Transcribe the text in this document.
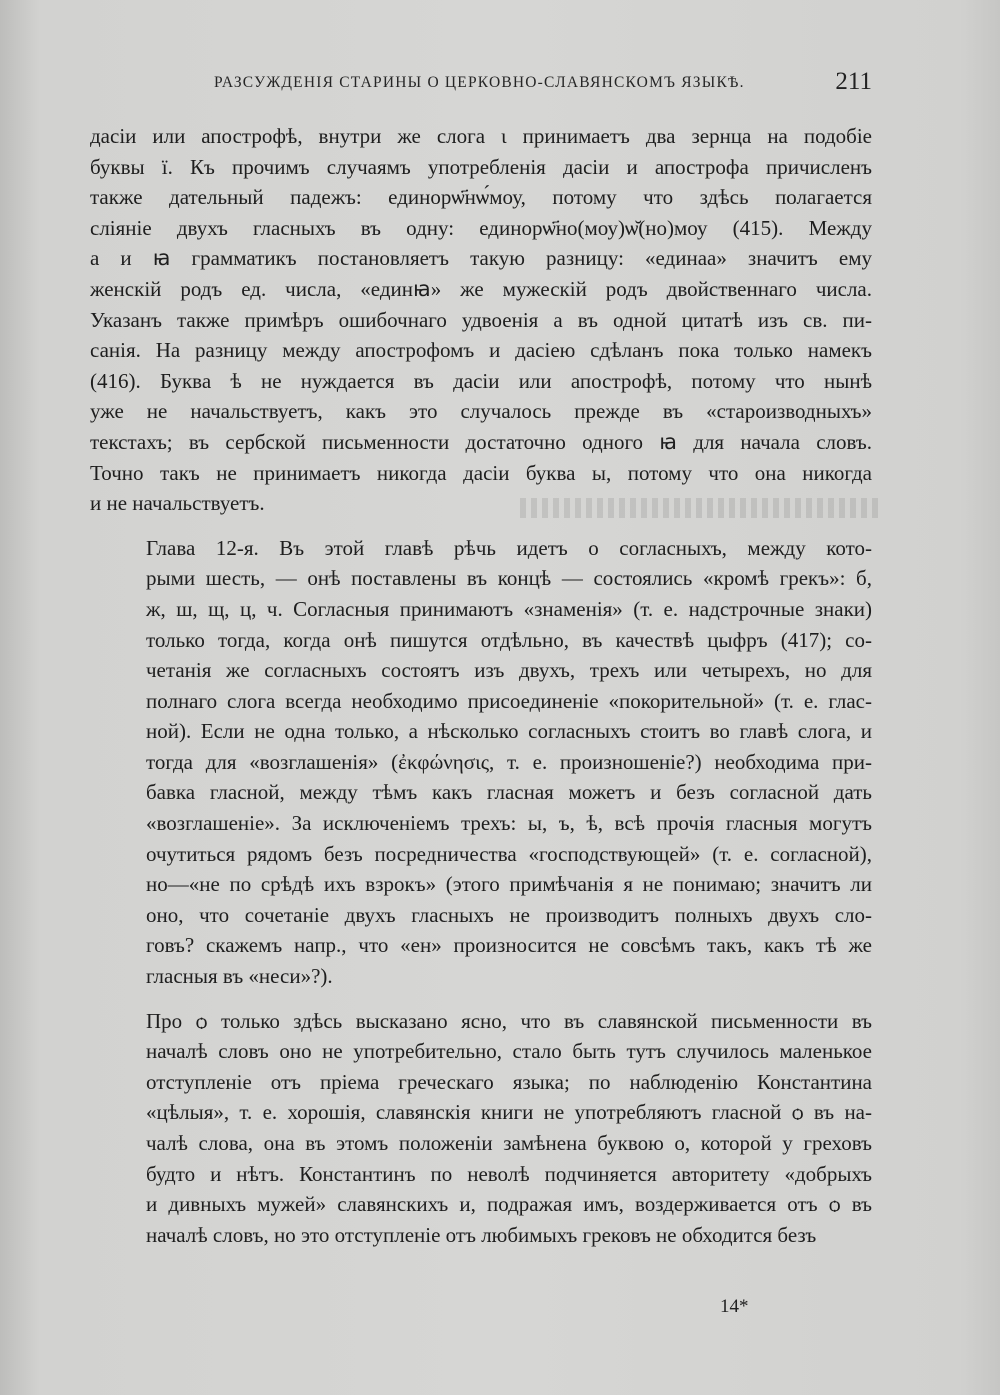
РАЗСУЖДЕНІЯ СТАРИНЫ О ЦЕРКОВНО-СЛАВЯНСКОМЪ ЯЗЫКѢ.	211

дасіи или апострофѣ, внутри же слога ι принимаетъ два зернца на подобіе
буквы ї. Къ прочимъ случаямъ употребленія дасіи и апострофа причисленъ
также дательный падежъ: единорѡ҃нѡ́моу, потому что здѣсь полагается
сліяніе двухъ гласныхъ въ одну: единорѡ҃но(моу)ѡ̆(но)моу (415). Между
а и ꙗ грамматикъ постановляетъ такую разницу: «единаа» значитъ ему
женскій родъ ед. числа, «единꙗ» же мужескій родъ двойственнаго числа.
Указанъ также примѣръ ошибочнаго удвоенія а въ одной цитатѣ изъ св. пи-
санія. На разницу между апострофомъ и дасіею сдѣланъ пока только намекъ
(416). Буква ѣ не нуждается въ дасіи или апострофѣ, потому что нынѣ
уже не начальствуетъ, какъ это случалось прежде въ «староизводныхъ»
текстахъ; въ сербской письменности достаточно одного ꙗ для начала словъ.
Точно такъ не принимаетъ никогда дасіи буква ы, потому что она никогда
и не начальствуетъ.

Глава 12-я. Въ этой главѣ рѣчь идетъ о согласныхъ, между кото-
рыми шесть, — онѣ поставлены въ концѣ — состоялись «кромѣ грекъ»: б,
ж, ш, щ, ц, ч. Согласныя принимаютъ «знаменія» (т. е. надстрочные знаки)
только тогда, когда онѣ пишутся отдѣльно, въ качествѣ цыфръ (417); со-
четанія же согласныхъ состоятъ изъ двухъ, трехъ или четырехъ, но для
полнаго слога всегда необходимо присоединеніе «покорительной» (т. е. глас-
ной). Если не одна только, а нѣсколько согласныхъ стоитъ во главѣ слога, и
тогда для «возглашенія» (ἐκφώνησις, т. е. произношеніе?) необходима при-
бавка гласной, между тѣмъ какъ гласная можетъ и безъ согласной дать
«возглашеніе». За исключеніемъ трехъ: ы, ъ, ѣ, всѣ прочія гласныя могутъ
очутиться рядомъ безъ посредничества «господствующей» (т. е. согласной),
но—«не по срѣдѣ ихъ взрокъ» (этого примѣчанія я не понимаю; значитъ ли
оно, что сочетаніе двухъ гласныхъ не производитъ полныхъ двухъ сло-
говъ? скажемъ напр., что «ен» произносится не совсѣмъ такъ, какъ тѣ же
гласныя въ «неси»?).

Про ѻ только здѣсь высказано ясно, что въ славянской письменности въ
началѣ словъ оно не употребительно, стало быть тутъ случилось маленькое
отступленіе отъ пріема греческаго языка; по наблюденію Константина
«цѣлыя», т. е. хорошія, славянскія книги не употребляютъ гласной ѻ въ на-
чалѣ слова, она въ этомъ положеніи замѣнена буквою о, которой у греховъ
будто и нѣтъ. Константинъ по неволѣ подчиняется авторитету «добрыхъ
и дивныхъ мужей» славянскихъ и, подражая имъ, воздерживается отъ ѻ въ
началѣ словъ, но это отступленіе отъ любимыхъ грековъ не обходится безъ

14*
